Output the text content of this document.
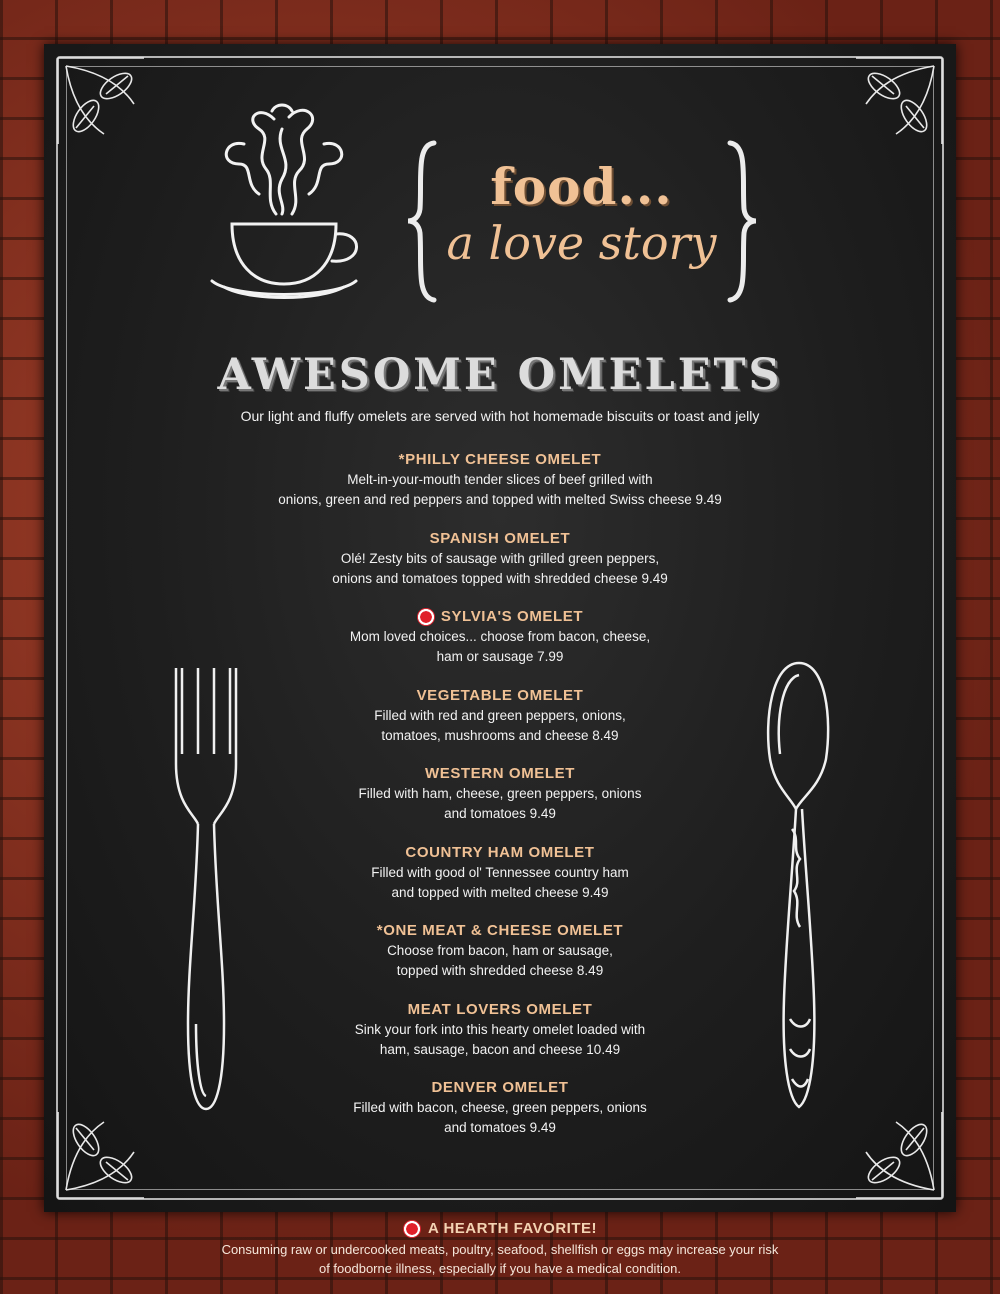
food...
a love story
AWESOME OMELETS
Our light and fluffy omelets are served with hot homemade biscuits or toast and jelly
*PHILLY CHEESE OMELET
Melt-in-your-mouth tender slices of beef grilled with
onions, green and red peppers and topped with melted Swiss cheese 9.49
SPANISH OMELET
Olé! Zesty bits of sausage with grilled green peppers,
onions and tomatoes topped with shredded cheese 9.49
SYLVIA'S OMELET
Mom loved choices... choose from bacon, cheese,
ham or sausage 7.99
VEGETABLE OMELET
Filled with red and green peppers, onions,
tomatoes, mushrooms and cheese 8.49
WESTERN OMELET
Filled with ham, cheese, green peppers, onions
and tomatoes 9.49
COUNTRY HAM OMELET
Filled with good ol' Tennessee country ham
and topped with melted cheese 9.49
*ONE MEAT & CHEESE OMELET
Choose from bacon, ham or sausage,
topped with shredded cheese 8.49
MEAT LOVERS OMELET
Sink your fork into this hearty omelet loaded with
ham, sausage, bacon and cheese 10.49
DENVER OMELET
Filled with bacon, cheese, green peppers, onions
and tomatoes 9.49
A HEARTH FAVORITE!
Consuming raw or undercooked meats, poultry, seafood, shellfish or eggs may increase your risk
of foodborne illness, especially if you have a medical condition.
